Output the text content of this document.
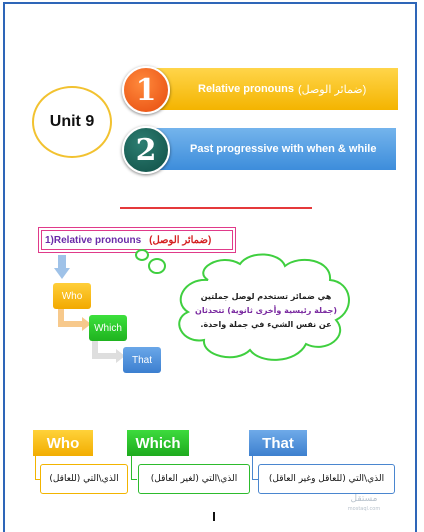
Unit 9
Relative pronouns (ضمائر الوصل)
1
Past progressive with when & while
2
1)Relative pronouns (ضمائر الوصل)
Who
Which
That
هي ضمائر تستخدم لوصل جملتين
(جملة رئيسية وأخرى ثانوية) تتحدثان
عن نفس الشيء في جملة واحدة.
Who	Which	That
الذي\التي (للعاقل)	الذي\التي (لغير العاقل)	الذي\التي (للعاقل وغير العاقل)
مستقل
mostaql.com
